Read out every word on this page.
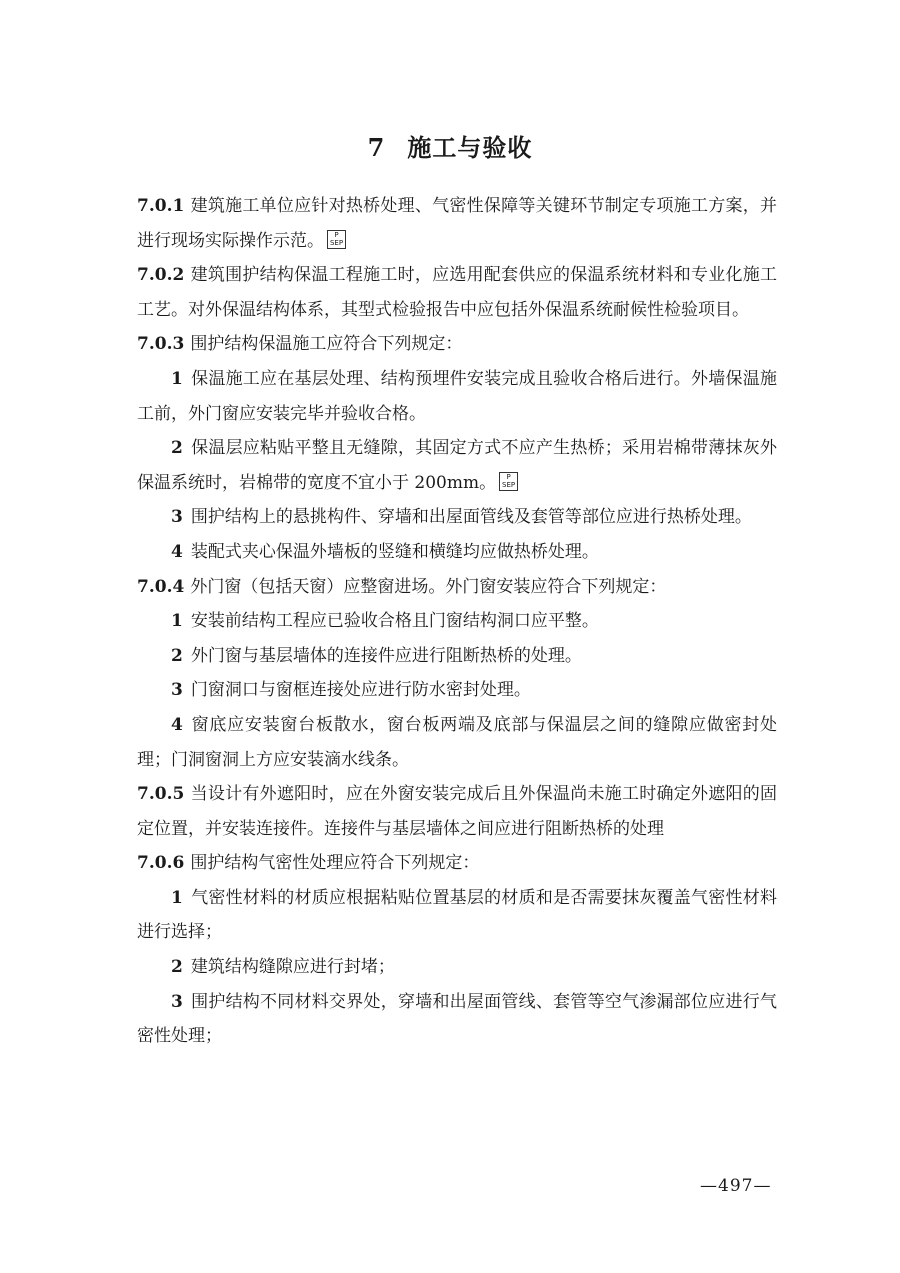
7 施工与验收

7.0.1 建筑施工单位应针对热桥处理、气密性保障等关键环节制定专项施工方案，并进行现场实际操作示范。	P
SEP

7.0.2 建筑围护结构保温工程施工时，应选用配套供应的保温系统材料和专业化施工工艺。对外保温结构体系，其型式检验报告中应包括外保温系统耐候性检验项目。

7.0.3 围护结构保温施工应符合下列规定：

1 保温施工应在基层处理、结构预埋件安装完成且验收合格后进行。外墙保温施工前，外门窗应安装完毕并验收合格。

2 保温层应粘贴平整且无缝隙，其固定方式不应产生热桥；采用岩棉带薄抹灰外保温系统时，岩棉带的宽度不宜小于 200mm。	P
SEP

3 围护结构上的悬挑构件、穿墙和出屋面管线及套管等部位应进行热桥处理。

4 装配式夹心保温外墙板的竖缝和横缝均应做热桥处理。

7.0.4 外门窗（包括天窗）应整窗进场。外门窗安装应符合下列规定：

1 安装前结构工程应已验收合格且门窗结构洞口应平整。

2 外门窗与基层墙体的连接件应进行阻断热桥的处理。

3 门窗洞口与窗框连接处应进行防水密封处理。

4 窗底应安装窗台板散水，窗台板两端及底部与保温层之间的缝隙应做密封处理；门洞窗洞上方应安装滴水线条。

7.0.5 当设计有外遮阳时，应在外窗安装完成后且外保温尚未施工时确定外遮阳的固定位置，并安装连接件。连接件与基层墙体之间应进行阻断热桥的处理

7.0.6 围护结构气密性处理应符合下列规定：

1 气密性材料的材质应根据粘贴位置基层的材质和是否需要抹灰覆盖气密性材料进行选择；

2 建筑结构缝隙应进行封堵；

3 围护结构不同材料交界处，穿墙和出屋面管线、套管等空气渗漏部位应进行气密性处理；

—497—
